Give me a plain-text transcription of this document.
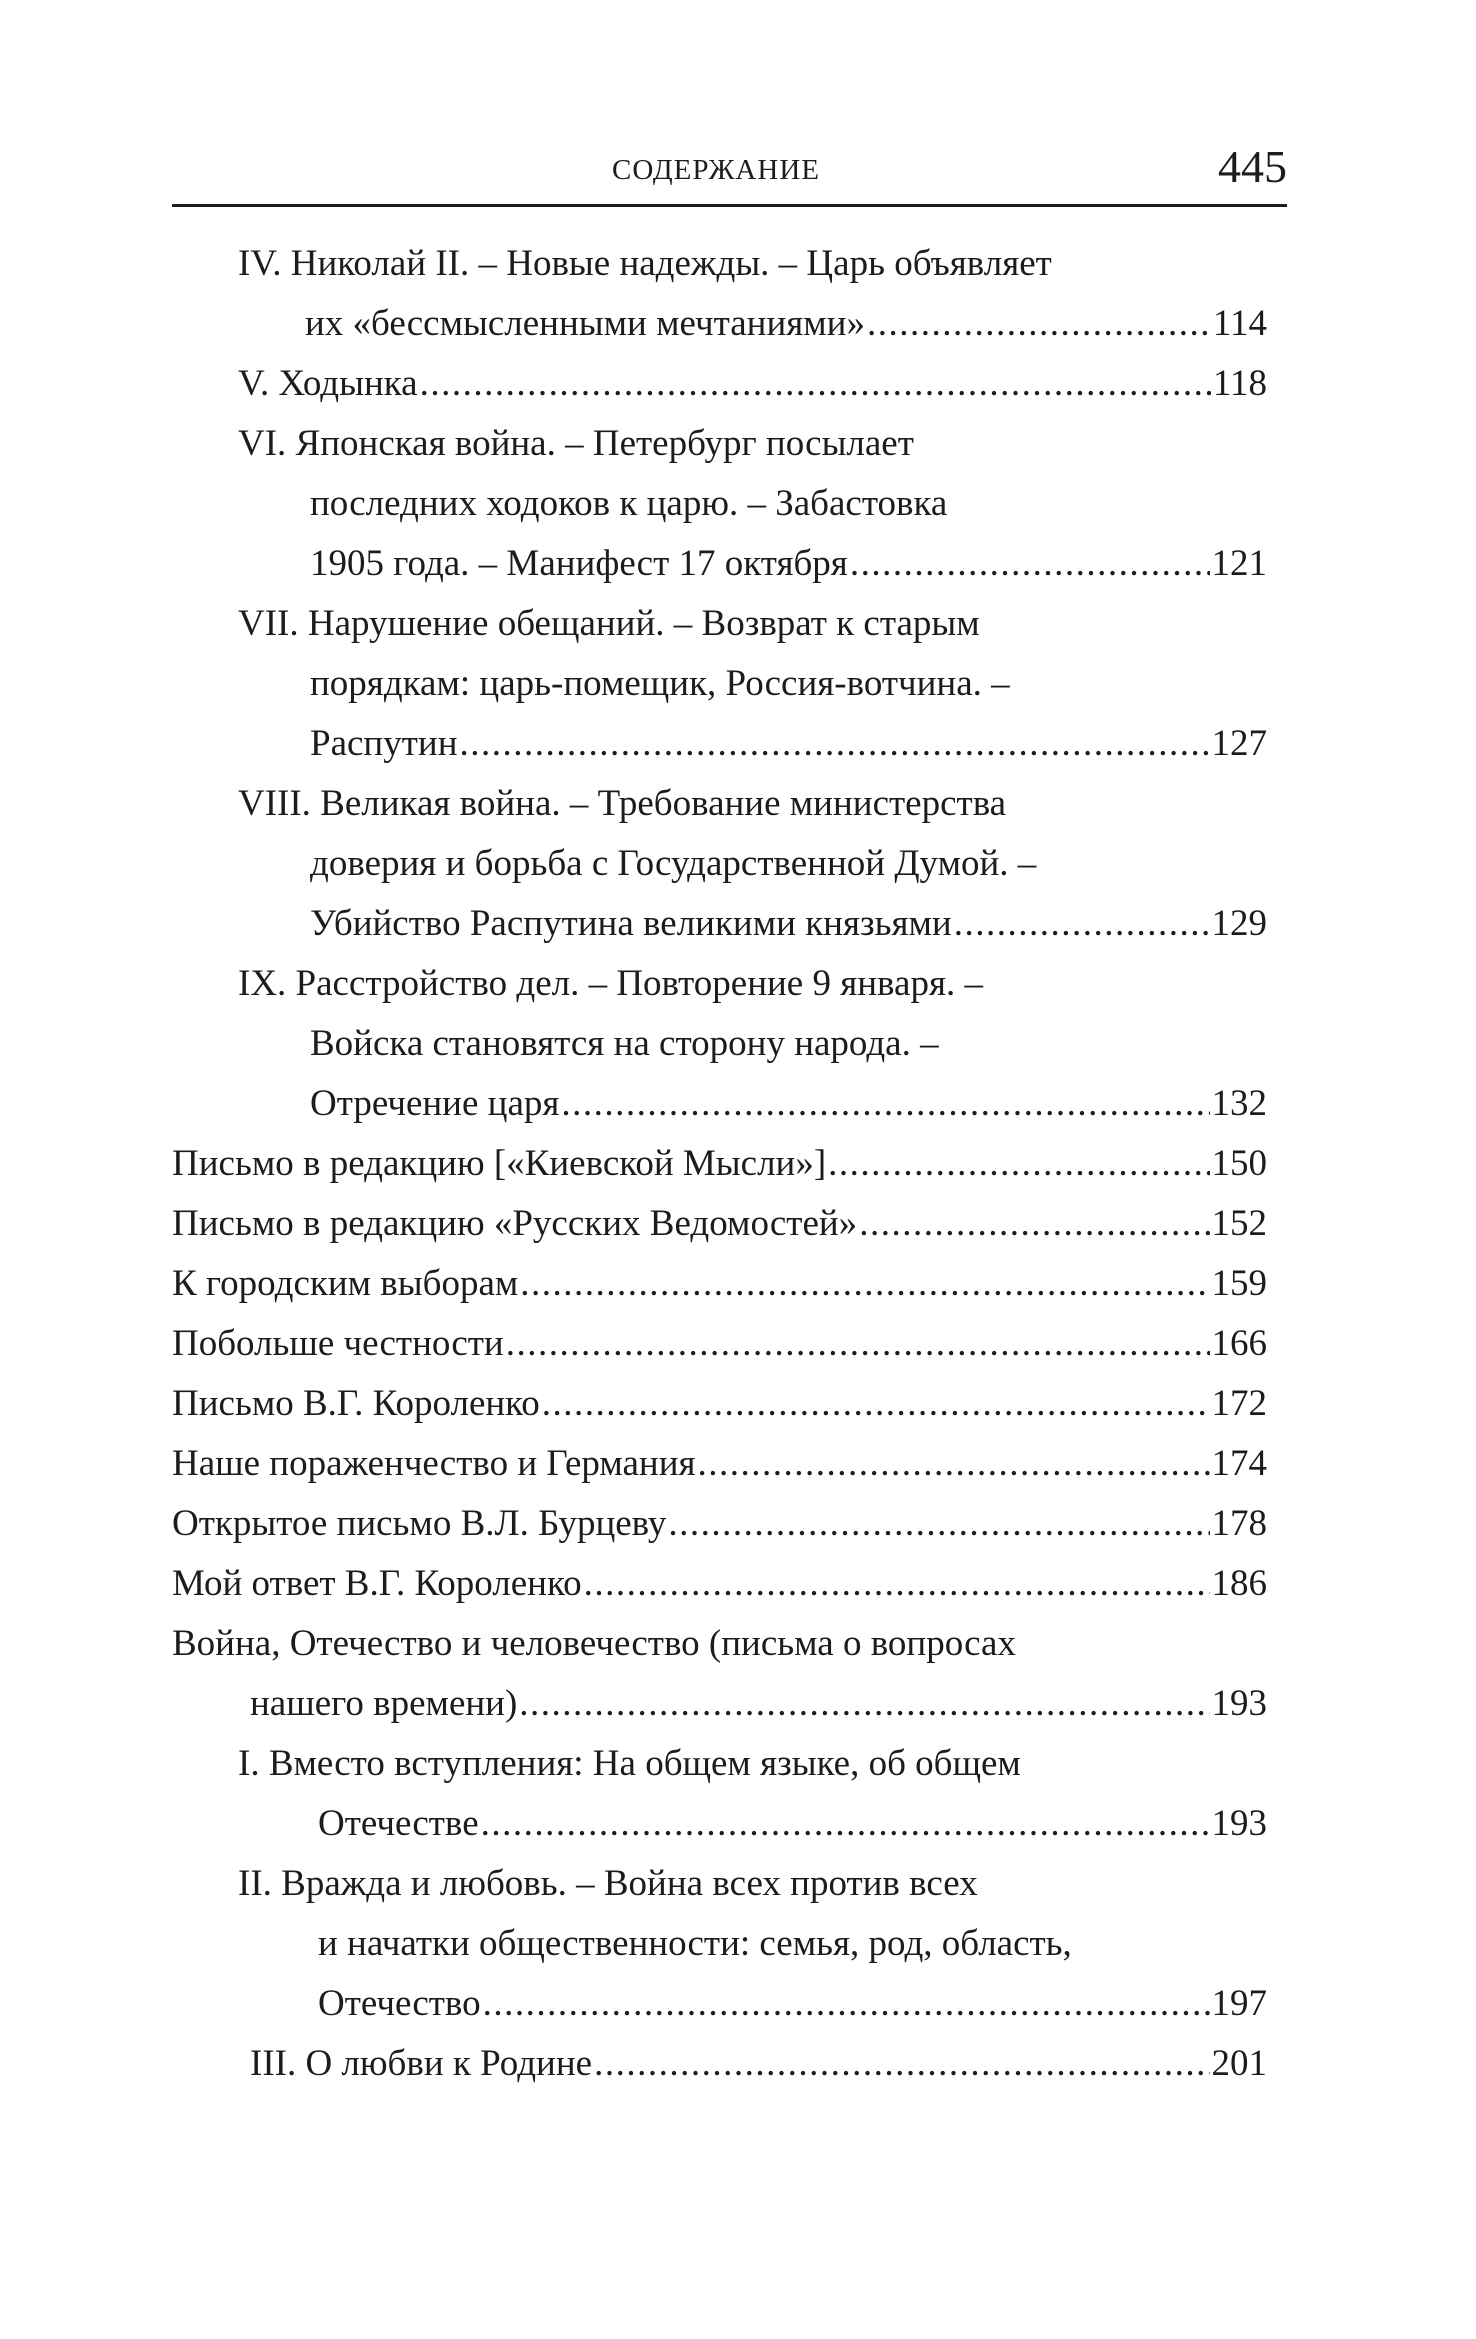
СОДЕРЖАНИЕ	445
IV. Николай II. – Новые надежды. – Царь объявляет
их «бессмысленными мечтаниями» .....	114
V. Ходынка .....	118
VI. Японская война. – Петербург посылает
последних ходоков к царю. – Забастовка
1905 года. – Манифест 17 октября .....	121
VII. Нарушение обещаний. – Возврат к старым
порядкам: царь-помещик, Россия-вотчина. –
Распутин .....	127
VIII. Великая война. – Требование министерства
доверия и борьба с Государственной Думой. –
Убийство Распутина великими князьями .....	129
IX. Расстройство дел. – Повторение 9 января. –
Войска становятся на сторону народа. –
Отречение царя .....	132
Письмо в редакцию [«Киевской Мысли»] .....	150
Письмо в редакцию «Русских Ведомостей» .....	152
К городским выборам .....	159
Побольше честности .....	166
Письмо В.Г. Короленко .....	172
Наше пораженчество и Германия .....	174
Открытое письмо В.Л. Бурцеву .....	178
Мой ответ В.Г. Короленко .....	186
Война, Отечество и человечество (письма о вопросах
нашего времени) .....	193
I. Вместо вступления: На общем языке, об общем
Отечестве .....	193
II. Вражда и любовь. – Война всех против всех
и начатки общественности: семья, род, область,
Отечество .....	197
III. О любви к Родине .....	201
